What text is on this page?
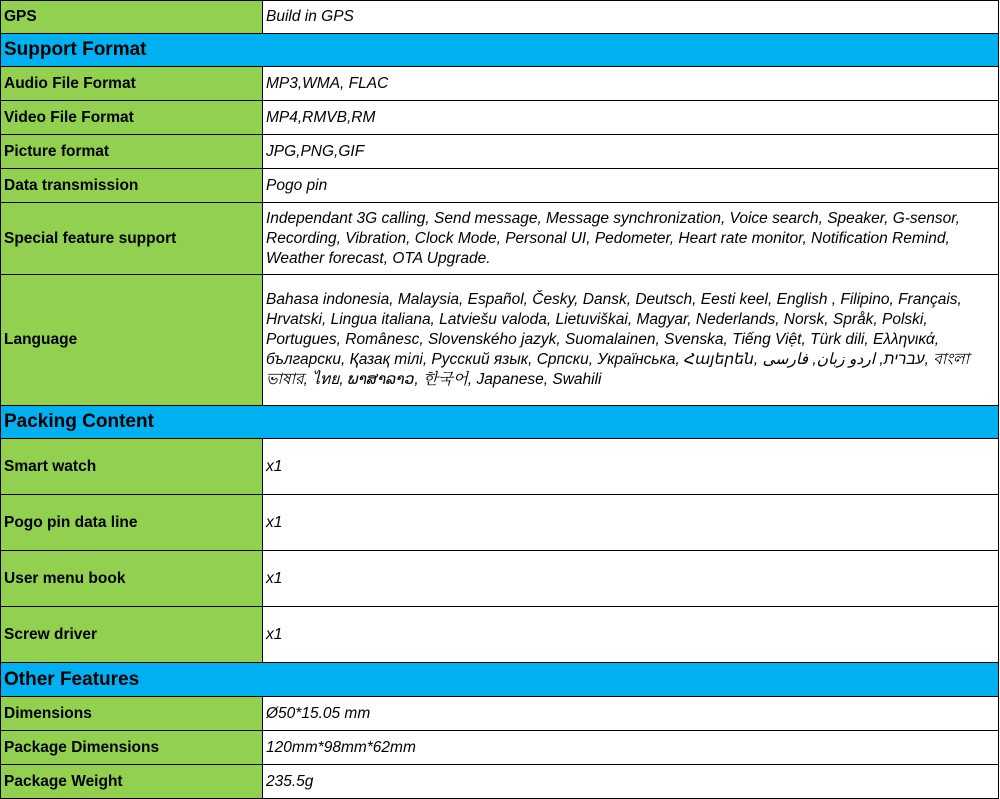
GPS	Build in GPS
Support Format	
Audio File Format	MP3,WMA, FLAC
Video File Format	MP4,RMVB,RM
Picture format	JPG,PNG,GIF
Data transmission	Pogo pin
Special feature support	Independant 3G calling, Send message, Message synchronization, Voice search, Speaker, G-sensor, Recording, Vibration, Clock Mode, Personal UI, Pedometer, Heart rate monitor, Notification Remind, Weather forecast, OTA Upgrade.
Language	Bahasa indonesia, Malaysia, Español, Česky, Dansk, Deutsch, Eesti keel, English , Filipino, Français, Hrvatski, Lingua italiana, Latviešu valoda, Lietuviškai, Magyar, Nederlands, Norsk, Språk, Polski, Portugues, Românesc, Slovenského jazyk, Suomalainen, Svenska, Tiếng Việt, Türk dili, Ελληνικά, български, Қазақ тілі, Русский язык, Српски, Українська, Հայերեն, עברית, اردو زبان, فارسی, বাংলা ভাষার, ไทย, ພາສາລາວ, 한국어, Japanese, Swahili
Packing Content	
Smart watch	x1
Pogo pin data line	x1
User menu book	x1
Screw driver	x1
Other Features	
Dimensions	Ø50*15.05 mm
Package Dimensions	120mm*98mm*62mm
Package Weight	235.5g
